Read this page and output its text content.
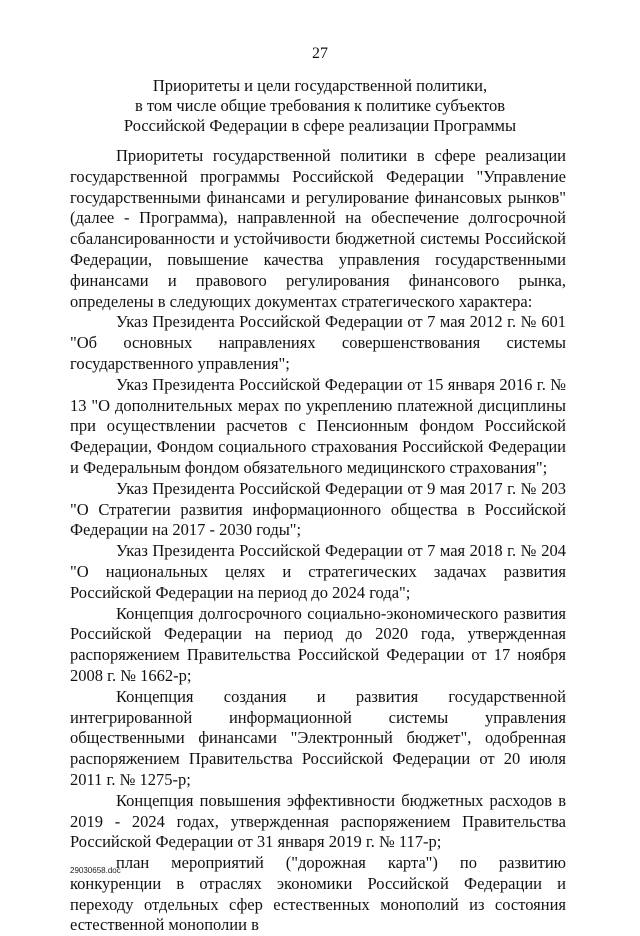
27
Приоритеты и цели государственной политики,
в том числе общие требования к политике субъектов
Российской Федерации в сфере реализации Программы

Приоритеты государственной политики в сфере реализации государственной программы Российской Федерации "Управление государственными финансами и регулирование финансовых рынков" (далее - Программа), направленной на обеспечение долгосрочной сбалансированности и устойчивости бюджетной системы Российской Федерации, повышение качества управления государственными финансами и правового регулирования финансового рынка, определены в следующих документах стратегического характера:

Указ Президента Российской Федерации от 7 мая 2012 г. № 601 "Об основных направлениях совершенствования системы государственного управления";

Указ Президента Российской Федерации от 15 января 2016 г. № 13 "О дополнительных мерах по укреплению платежной дисциплины при осуществлении расчетов с Пенсионным фондом Российской Федерации, Фондом социального страхования Российской Федерации и Федеральным фондом обязательного медицинского страхования";

Указ Президента Российской Федерации от 9 мая 2017 г. № 203 "О Стратегии развития информационного общества в Российской Федерации на 2017 - 2030 годы";

Указ Президента Российской Федерации от 7 мая 2018 г. № 204 "О национальных целях и стратегических задачах развития Российской Федерации на период до 2024 года";

Концепция долгосрочного социально-экономического развития Российской Федерации на период до 2020 года, утвержденная распоряжением Правительства Российской Федерации от 17 ноября 2008 г. № 1662-р;

Концепция создания и развития государственной интегрированной информационной системы управления общественными финансами "Электронный бюджет", одобренная распоряжением Правительства Российской Федерации от 20 июля 2011 г. № 1275-р;

Концепция повышения эффективности бюджетных расходов в 2019 - 2024 годах, утвержденная распоряжением Правительства Российской Федерации от 31 января 2019 г. № 117-р;

план мероприятий ("дорожная карта") по развитию конкуренции в отраслях экономики Российской Федерации и переходу отдельных сфер естественных монополий из состояния естественной монополии в

29030658.doc
